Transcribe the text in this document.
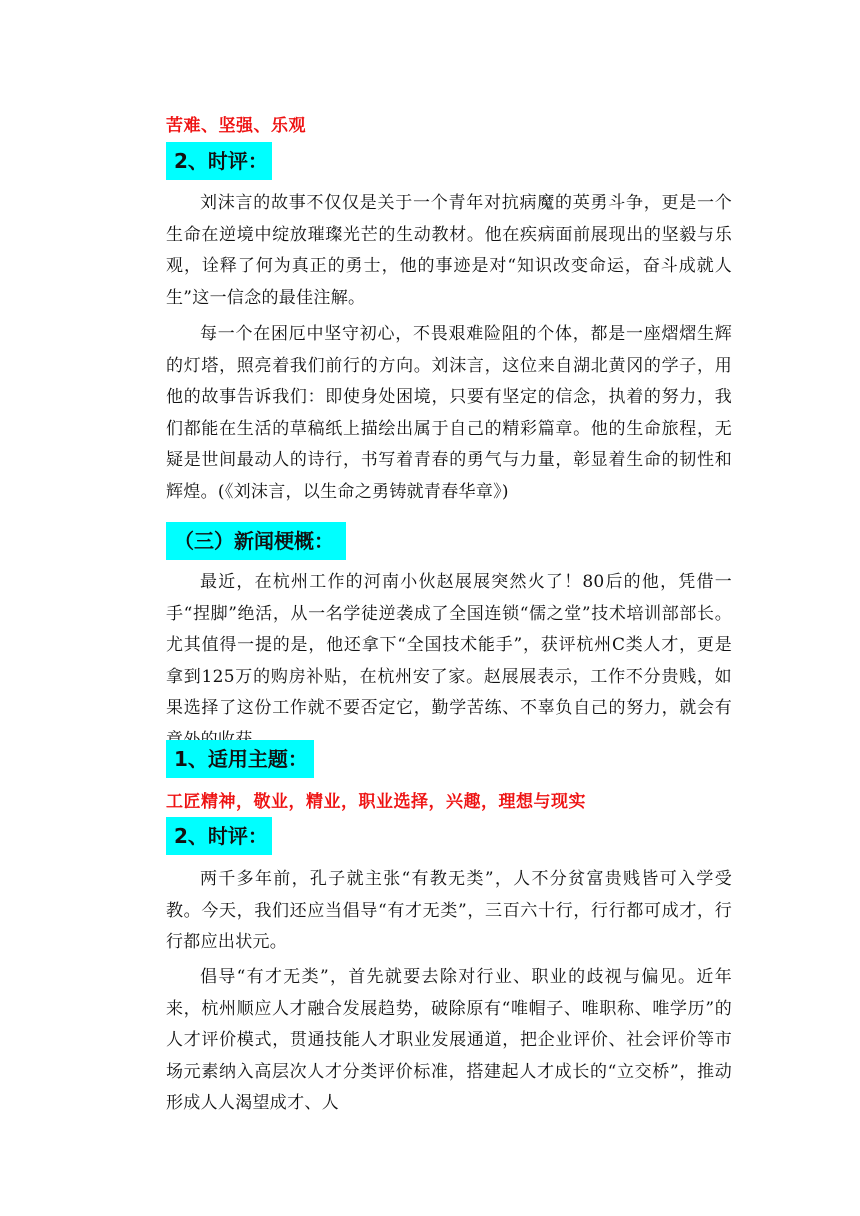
苦难、坚强、乐观
2、时评：

刘沫言的故事不仅仅是关于一个青年对抗病魔的英勇斗争，更是一个生命在逆境中绽放璀璨光芒的生动教材。他在疾病面前展现出的坚毅与乐观，诠释了何为真正的勇士，他的事迹是对“知识改变命运，奋斗成就人生”这一信念的最佳注解。

每一个在困厄中坚守初心，不畏艰难险阻的个体，都是一座熠熠生辉的灯塔，照亮着我们前行的方向。刘沫言，这位来自湖北黄冈的学子，用他的故事告诉我们：即使身处困境，只要有坚定的信念，执着的努力，我们都能在生活的草稿纸上描绘出属于自己的精彩篇章。他的生命旅程，无疑是世间最动人的诗行，书写着青春的勇气与力量，彰显着生命的韧性和辉煌。(《刘沫言，以生命之勇铸就青春华章》)

（三）新闻梗概：

最近，在杭州工作的河南小伙赵展展突然火了！80后的他，凭借一手“捏脚”绝活，从一名学徒逆袭成了全国连锁“儒之堂”技术培训部部长。尤其值得一提的是，他还拿下“全国技术能手”，获评杭州C类人才，更是拿到125万的购房补贴，在杭州安了家。赵展展表示，工作不分贵贱，如果选择了这份工作就不要否定它，勤学苦练、不辜负自己的努力，就会有

1、适用主题：
工匠精神，敬业，精业，职业选择，兴趣，理想与现实
2、时评：

两千多年前，孔子就主张“有教无类”，人不分贫富贵贱皆可入学受教。今天，我们还应当倡导“有才无类”，三百六十行，行行都可成才，行行都应出状元。

倡导“有才无类”，首先就要去除对行业、职业的歧视与偏见。近年来，杭州顺应人才融合发展趋势，破除原有“唯帽子、唯职称、唯学历”的人才评价模式，贯通技能人才职业发展通道，把企业评价、社会评价等市场元素纳入高层次人才分类评价标准，搭建起人才成长的“立交桥”，推动形成人人渴望成才、人
